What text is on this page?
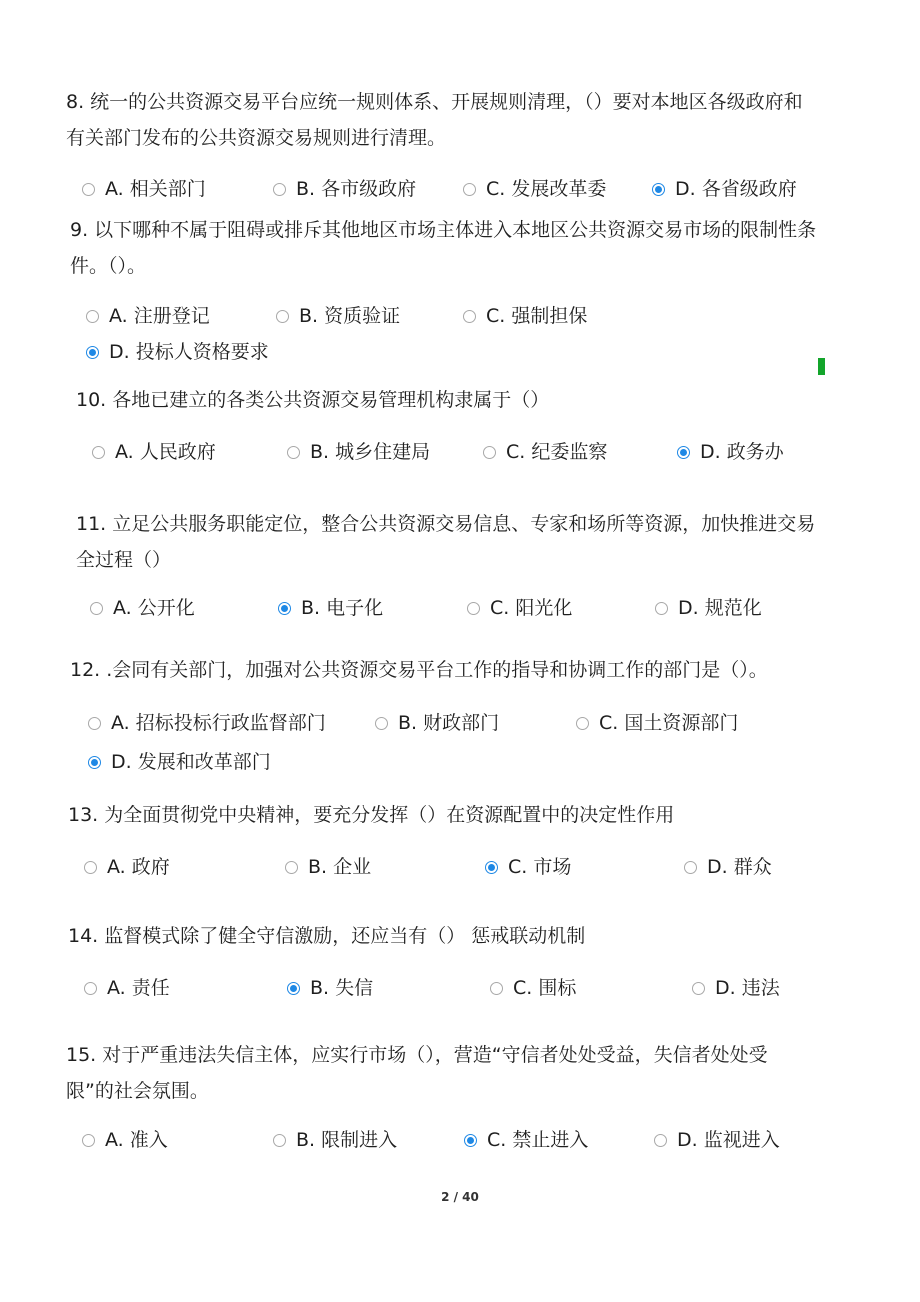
8. 统一的公共资源交易平台应统一规则体系、开展规则清理，（）要对本地区各级政府和
有关部门发布的公共资源交易规则进行清理。
A. 相关部门	B. 各市级政府	C. 发展改革委	D. 各省级政府
9. 以下哪种不属于阻碍或排斥其他地区市场主体进入本地区公共资源交易市场的限制性条
件。（）。
A. 注册登记	B. 资质验证	C. 强制担保
D. 投标人资格要求
10. 各地已建立的各类公共资源交易管理机构隶属于（）
A. 人民政府	B. 城乡住建局	C. 纪委监察	D. 政务办
11. 立足公共服务职能定位，整合公共资源交易信息、专家和场所等资源，加快推进交易
全过程（）
A. 公开化	B. 电子化	C. 阳光化	D. 规范化
12. .会同有关部门，加强对公共资源交易平台工作的指导和协调工作的部门是（）。
A. 招标投标行政监督部门	B. 财政部门	C. 国土资源部门
D. 发展和改革部门
13. 为全面贯彻党中央精神，要充分发挥（）在资源配置中的决定性作用
A. 政府	B. 企业	C. 市场	D. 群众
14. 监督模式除了健全守信激励，还应当有（） 惩戒联动机制
A. 责任	B. 失信	C. 围标	D. 违法
15. 对于严重违法失信主体，应实行市场（），营造“守信者处处受益，失信者处处受
限”的社会氛围。
A. 准入	B. 限制进入	C. 禁止进入	D. 监视进入
2 / 40
